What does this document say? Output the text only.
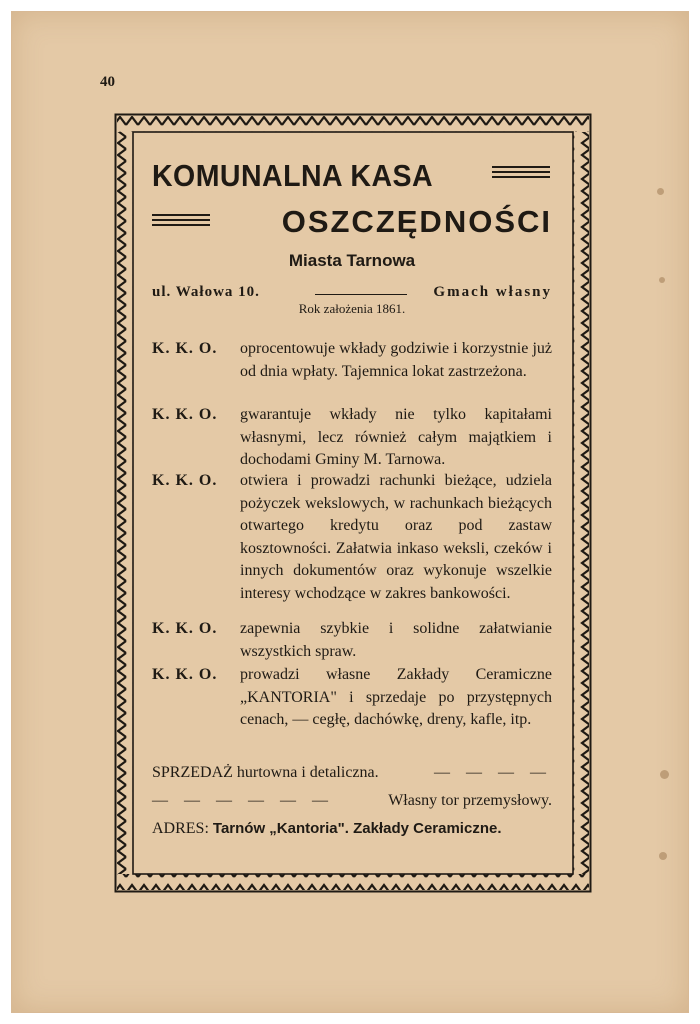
40
KOMUNALNA KASA
OSZCZĘDNOŚCI
Miasta Tarnowa
ul. Wałowa 10.	Gmach własny
Rok założenia 1861.
K. K. O. oprocentowuje wkłady godziwie i korzystnie już od dnia wpłaty. Tajemnica lokat zastrzeżona.
K. K. O. gwarantuje wkłady nie tylko kapitałami własnymi, lecz również całym majątkiem i dochodami Gminy M. Tarnowa.
K. K. O. otwiera i prowadzi rachunki bieżące, udziela pożyczek wekslowych, w rachunkach bieżących otwartego kredytu oraz pod zastaw kosztowności. Załatwia inkaso weksli, czeków i innych dokumentów oraz wykonuje wszelkie interesy wchodzące w zakres bankowości.
K. K. O. zapewnia szybkie i solidne załatwianie wszystkich spraw.
K. K. O. prowadzi własne Zakłady Ceramiczne „KANTORIA" i sprzedaje po przystępnych cenach, — cegłę, dachówkę, dreny, kafle, itp.
SPRZEDAŻ hurtowna i detaliczna.	— — — —
— — — — — —	Własny tor przemysłowy.
ADRES: Tarnów „Kantoria". Zakłady Ceramiczne.
